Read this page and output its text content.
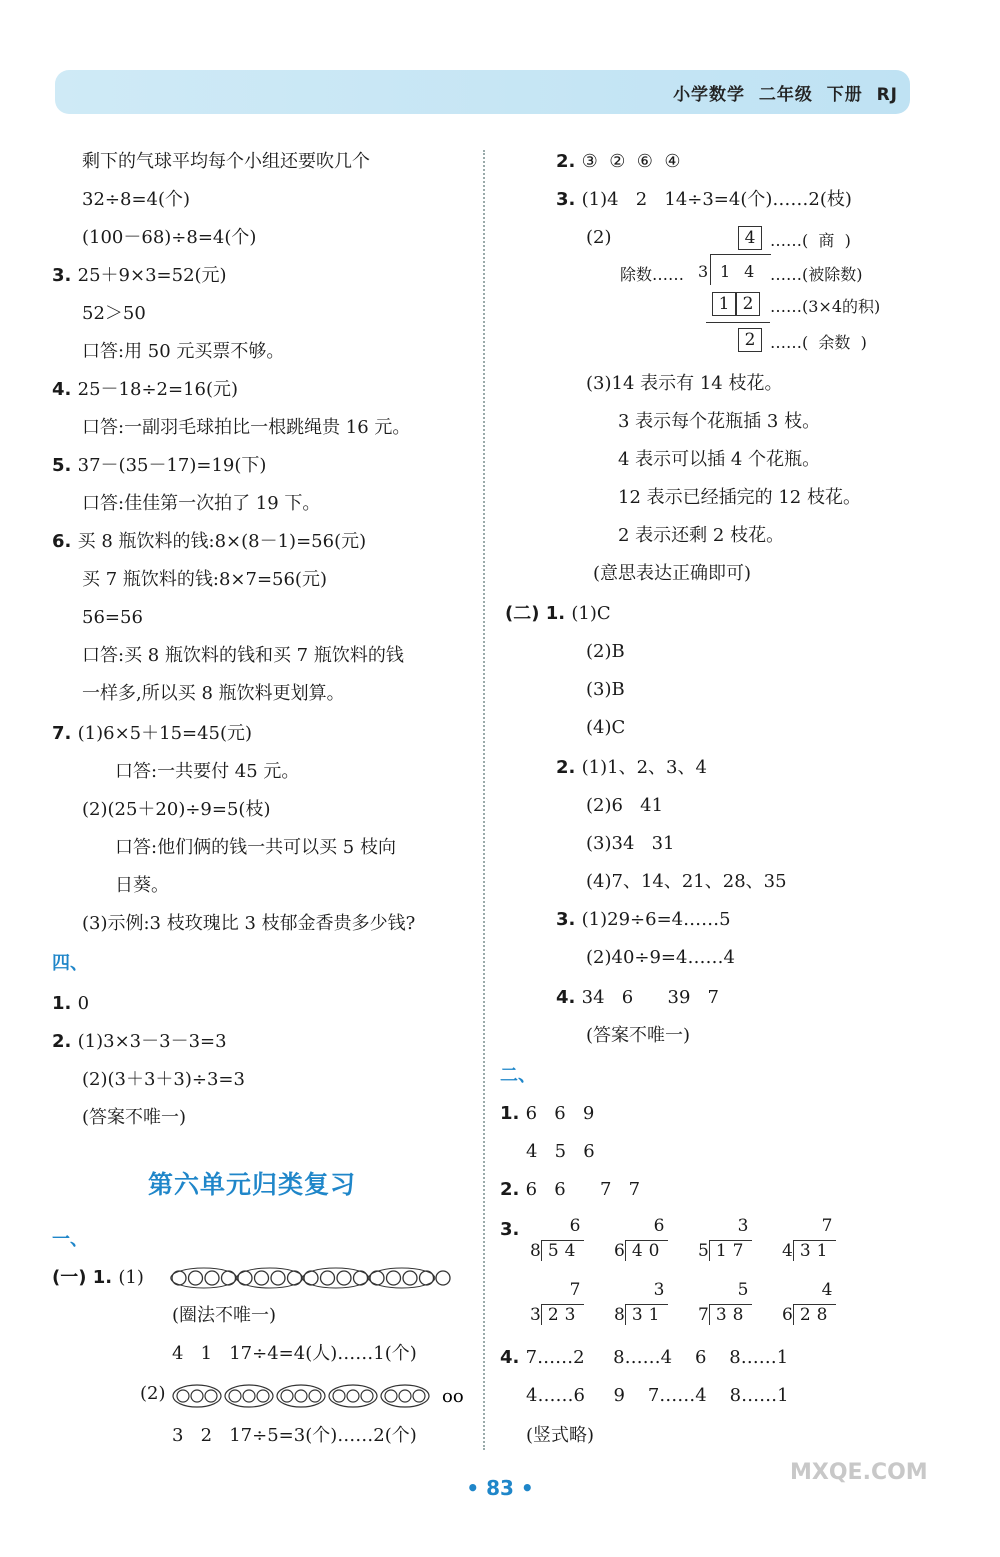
小学数学  二年级  下册  RJ
剩下的气球平均每个小组还要吹几个
32÷8=4(个)
(100－68)÷8=4(个)
3. 25＋9×3=52(元)
52＞50
口答:用 50 元买票不够。
4. 25－18÷2=16(元)
口答:一副羽毛球拍比一根跳绳贵 16 元。
5. 37－(35－17)=19(下)
口答:佳佳第一次拍了 19 下。
6. 买 8 瓶饮料的钱:8×(8－1)=56(元)
买 7 瓶饮料的钱:8×7=56(元)
56=56
口答:买 8 瓶饮料的钱和买 7 瓶饮料的钱
一样多,所以买 8 瓶饮料更划算。
7. (1)6×5＋15=45(元)
口答:一共要付 45 元。
(2)(25＋20)÷9=5(枝)
口答:他们俩的钱一共可以买 5 枝向
日葵。
(3)示例:3 枝玫瑰比 3 枝郁金香贵多少钱?
四、
1. 0
2. (1)3×3－3－3=3
(2)(3＋3＋3)÷3=3
(答案不唯一)
一、
(一) 1. (1)
(圈法不唯一)
4   1   17÷4=4(人)……1(个)
(2)
3   2   17÷5=3(个)……2(个)
2. ③  ②  ⑥  ④
3. (1)4   2   14÷3=4(个)……2(枝)
(2)
(3)14 表示有 14 枝花。
3 表示每个花瓶插 3 枝。
4 表示可以插 4 个花瓶。
12 表示已经插完的 12 枝花。
2 表示还剩 2 枝花。
(意思表达正确即可)
(二) 1. (1)C
(2)B
(3)B
(4)C
2. (1)1、2、3、4
(2)6   41
(3)34   31
(4)7、14、21、28、35
3. (1)29÷6=4……5
(2)40÷9=4……4
4. 34   6      39   7
(答案不唯一)
二、
1. 6   6   9
4   5   6
2. 6   6      7   7
3.
4. 7……2     8……4    6    8……1
4……6     9    7……4    8……1
(竖式略)
第六单元归类复习
oo
4 ……(  商  )
除数…… 3 14 ……(被除数)
1 2	……(3×4的积)
2 ……(  余数  )
8 54
6
6 40
6
5 17
3
4 31
7
3 23
7
8 31
3
7 38
5
6 28
4
• 83 •
MXQE.COM
